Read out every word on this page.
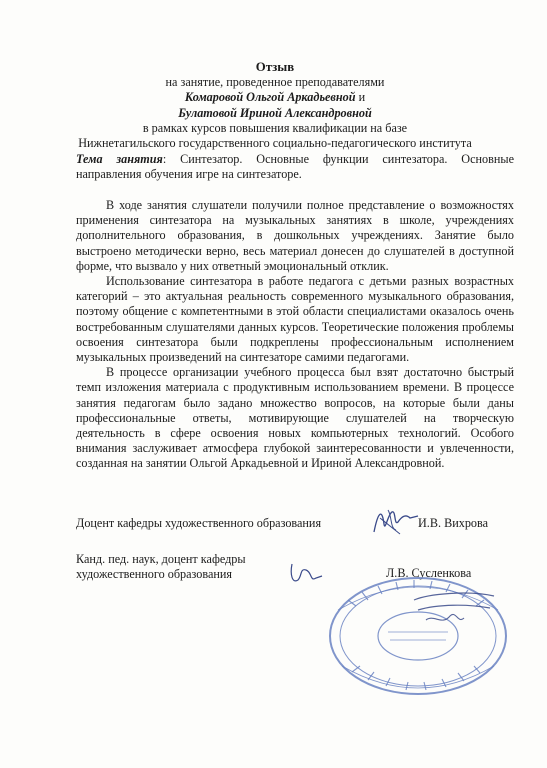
Отзыв
на занятие, проведенное преподавателями
Комаровой Ольгой Аркадьевной и
Булатовой Ириной Александровной
в рамках курсов повышения квалификации на базе
Нижнетагильского государственного социально-педагогического института
Тема занятия: Синтезатор. Основные функции синтезатора. Основные направления обучения игре на синтезаторе.

В ходе занятия слушатели получили полное представление о возможностях применения синтезатора на музыкальных занятиях в школе, учреждениях дополнительного образования, в дошкольных учреждениях. Занятие было выстроено методически верно, весь материал донесен до слушателей в доступной форме, что вызвало у них ответный эмоциональный отклик.

Использование синтезатора в работе педагога с детьми разных возрастных категорий – это актуальная реальность современного музыкального образования, поэтому общение с компетентными в этой области специалистами оказалось очень востребованным слушателями данных курсов. Теоретические положения проблемы освоения синтезатора были подкреплены профессиональным исполнением музыкальных произведений на синтезаторе самими педагогами.

В процессе организации учебного процесса был взят достаточно быстрый темп изложения материала с продуктивным использованием времени. В процессе занятия педагогам было задано множество вопросов, на которые были даны профессиональные ответы, мотивирующие слушателей на творческую деятельность в сфере освоения новых компьютерных технологий. Особого внимания заслуживает атмосфера глубокой заинтересованности и увлеченности, созданная на занятии Ольгой Аркадьевной и Ириной Александровной.

Доцент кафедры художественного образования	И.В. Вихрова
Канд. пед. наук, доцент кафедры
художественного образования	Л.В. Сусленкова
